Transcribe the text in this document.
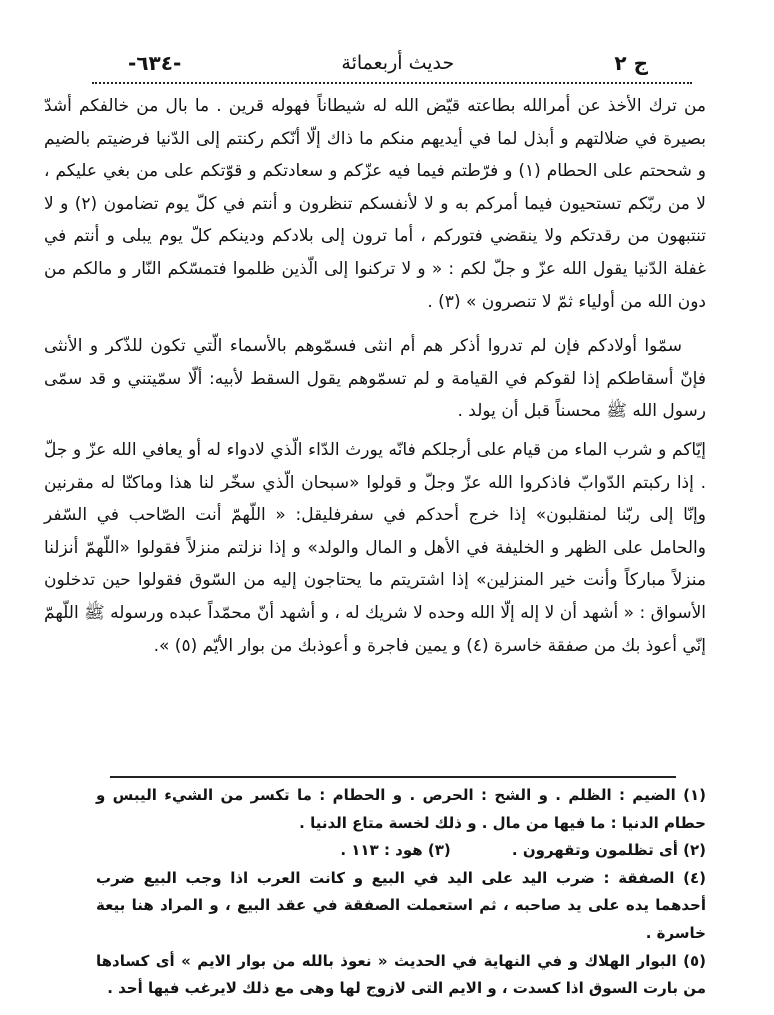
ج ٢
حديث أربعمائة
-٦٣٤-

من ترك الأخذ عن أمرالله بطاعته قيّض الله له شيطاناً فهوله قرين . ما بال من خالفكم أشدّ بصيرة في ضلالتهم و أبذل لما في أيديهم منكم ما ذاك إلّا أنّكم ركنتم إلى الدّنيا فرضيتم بالضيم و شححتم على الحطام (١) و فرّطتم فيما فيه عزّكم و سعادتكم و قوّتكم على من بغي عليكم ، لا من ربّكم تستحيون فيما أمركم به و لا لأنفسكم تنظرون و أنتم في كلّ يوم تضامون (٢) و لا تنتبهون من رقدتكم ولا ينقضي فتوركم ، أما ترون إلى بلادكم ودينكم كلّ يوم يبلى و أنتم في غفلة الدّنيا يقول الله عزّ و جلّ لكم : « و لا تركنوا إلى الّذين ظلموا فتمسّكم النّار و مالكم من دون الله من أولياء ثمّ لا تنصرون » (٣) .

سمّوا أولادكم فإن لم تدروا أذكر هم أم انثى فسمّوهم بالأسماء الّتي تكون للذّكر و الأنثى فإنّ أسقاطكم إذا لقوكم في القيامة و لم تسمّوهم يقول السقط لأبيه: ألّا سمّيتني و قد سمّى رسول الله ﷺ محسناً قبل أن يولد .

إيّاكم و شرب الماء من قيام على أرجلكم فانّه يورث الدّاء الّذي لادواء له أو يعافي الله عزّ و جلّ . إذا ركبتم الدّوابّ فاذكروا الله عزّ وجلّ و قولوا «سبحان الّذي سخّر لنا هذا وماكنّا له مقرنين وإنّا إلى ربّنا لمنقلبون» إذا خرج أحدكم في سفرفليقل: « اللّهمّ أنت الصّاحب في السّفر والحامل على الظهر و الخليفة في الأهل و المال والولد» و إذا نزلتم منزلاً فقولوا «اللّهمّ أنزلنا منزلاً مباركاً وأنت خير المنزلين» إذا اشتريتم ما يحتاجون إليه من السّوق فقولوا حين تدخلون الأسواق : « أشهد أن لا إله إلّا الله وحده لا شريك له ، و أشهد أنّ محمّداً عبده ورسوله ﷺ اللّهمّ إنّي أعوذ بك من صفقة خاسرة (٤) و يمين فاجرة و أعوذبك من بوار الأيّم (٥) ».

(١) الضيم : الظلم . و الشح : الحرص . و الحطام : ما تكسر من الشيء اليبس و حطام الدنيا : ما فيها من مال . و ذلك لخسة متاع الدنيا .

(٢) أى تظلمون وتقهرون . (٣) هود : ١١٣ .

(٤) الصفقة : ضرب اليد على اليد في البيع و كانت العرب اذا وجب البيع ضرب أحدهما يده على يد صاحبه ، ثم استعملت الصفقة في عقد البيع ، و المراد هنا بيعة خاسرة .

(٥) البوار الهلاك و في النهاية في الحديث « نعوذ بالله من بوار الايم » أى كسادها من بارت السوق اذا كسدت ، و الايم التى لازوج لها وهى مع ذلك لايرغب فيها أحد .
